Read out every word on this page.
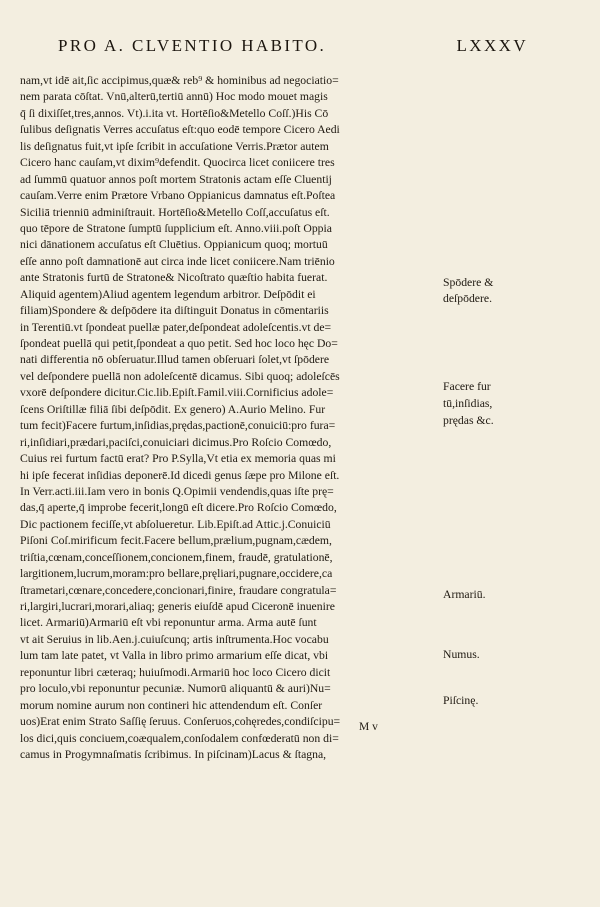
PRO A. CLVENTIO HABITO.	LXXXV
nam,vt idē ait,ſic accipimus,quæ& reb⁹ & hominibus ad negociatio=
nem parata cōſtat. Vnū,alterū,tertiū annū) Hoc modo mouet magis
q̄ ſi dixiſſet,tres,annos. Vt).i.ita vt. Hortēſio&Metello Coſſ.)His Cō
ſulibus deſignatis Verres accuſatus eſt:quo eodē tempore Cicero Aedi
lis deſignatus fuit,vt ipſe ſcribit in accuſatione Verris.Prætor autem
Cicero hanc cauſam,vt dixim⁹defendit. Quocirca licet coniicere tres
ad ſummū quatuor annos poſt mortem Stratonis actam eſſe Cluentij
cauſam.Verre enim Prætore Vrbano Oppianicus damnatus eſt.Poſtea
Siciliā trienniū adminiſtrauit. Hortēſio&Metello Coſſ,accuſatus eſt.
quo tēpore de Stratone ſumptū ſupplicium eſt. Anno.viii.poſt Oppia
nici dānationem accuſatus eſt Cluētius. Oppianicum quoq; mortuū
eſſe anno poſt damnationē aut circa inde licet coniicere.Nam triēnio
ante Stratonis furtū de Stratone& Nicoſtrato quæſtio habita fuerat.
Aliquid agentem)Aliud agentem legendum arbitror. Deſpōdit ei
filiam)Spondere & deſpōdere ita diſtinguit Donatus in cōmentariis
in Terentiū.vt ſpondeat puellæ pater,deſpondeat adoleſcentis.vt de=
ſpondeat puellā qui petit,ſpondeat a quo petit. Sed hoc loco hęc Do=
nati differentia nō obſeruatur.Illud tamen obſeruari ſolet,vt ſpōdere
vel deſpondere puellā non adoleſcentē dicamus. Sibi quoq; adoleſcēs
vxorē deſpondere dicitur.Cic.lib.Epiſt.Famil.viii.Cornificius adole=
ſcens Oriſtillæ filiā ſibi deſpōdit. Ex genero) A.Aurio Melino. Fur
tum fecit)Facere furtum,inſidias,prędas,pactionē,conuiciū:pro fura=
ri,inſidiari,prædari,paciſci,conuiciari dicimus.Pro Roſcio Comœdo,
Cuius rei furtum factū erat? Pro P.Sylla,Vt etia ex memoria quas mi
hi ipſe fecerat inſidias deponerē.Id dicedi genus ſæpe pro Milone eſt.
In Verr.acti.iii.Iam vero in bonis Q.Opimii vendendis,quas iſte prę=
das,q̄ aperte,q̄ improbe fecerit,longū eſt dicere.Pro Roſcio Comœdo,
Dic pactionem feciſſe,vt abſolueretur. Lib.Epiſt.ad Attic.j.Conuiciū
Piſoni Coſ.mirificum fecit.Facere bellum,prælium,pugnam,cædem,
triſtia,cœnam,conceſſionem,concionem,finem, fraudē, gratulationē,
largitionem,lucrum,moram:pro bellare,pręliari,pugnare,occidere,ca
ſtrametari,cœnare,concedere,concionari,finire, fraudare congratula=
ri,largiri,lucrari,morari,aliaq; generis eiuſdē apud Ciceronē inuenire
licet. Armariū)Armariū eſt vbi reponuntur arma. Arma autē ſunt
vt ait Seruius in lib.Aen.j.cuiuſcunq; artis inſtrumenta.Hoc vocabu
lum tam late patet, vt Valla in libro primo armarium eſſe dicat, vbi
reponuntur libri cæteraq; huiuſmodi.Armariū hoc loco Cicero dicit
pro loculo,vbi reponuntur pecuniæ. Numorū aliquantū & auri)Nu=
morum nomine aurum non contineri hic attendendum eſt. Conſer
uos)Erat enim Strato Saſſię ſeruus. Conſeruos,cohęredes,condiſcipu=
los dici,quis conciuem,coæqualem,conſodalem confœderatū non di=
camus in Progymnaſmatis ſcribimus. In piſcinam)Lacus & ſtagna,
Spōdere &
deſpōdere.
Facere fur
tū,inſidias,
prędas &c.
Armariū.
Numus.
Piſcinę.
M v
